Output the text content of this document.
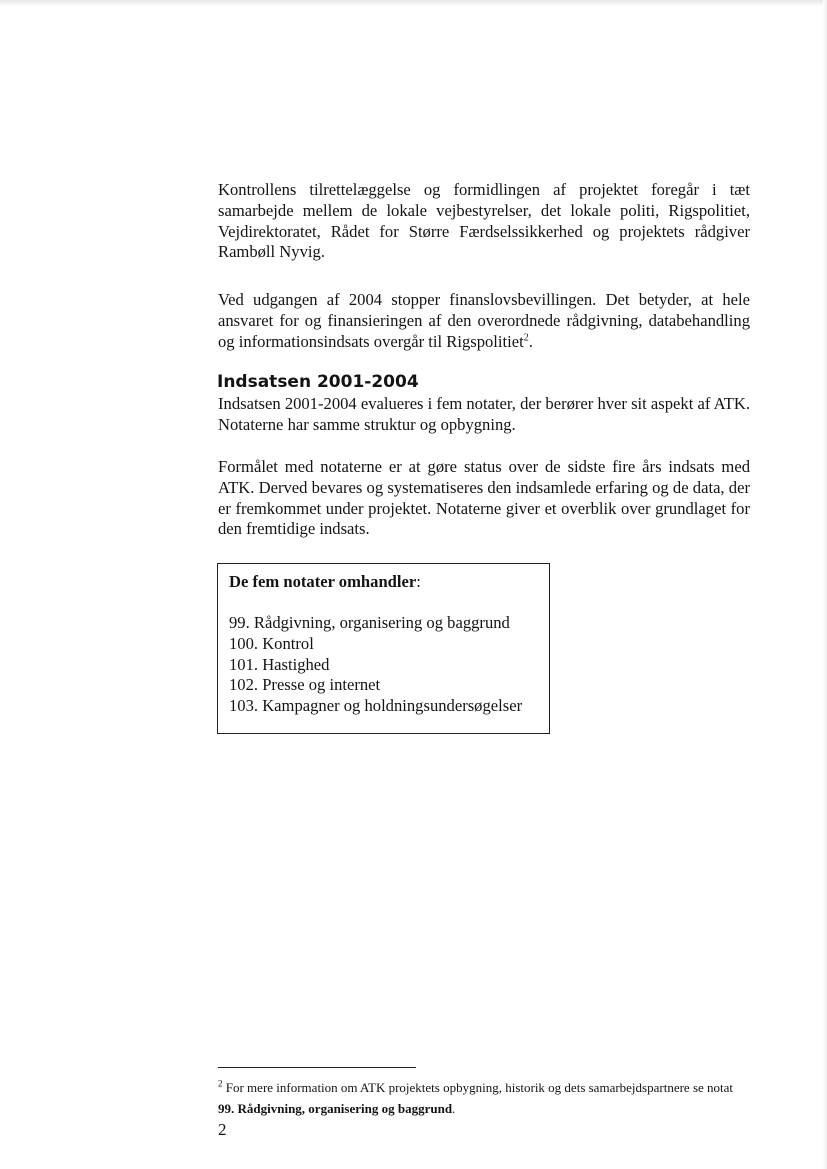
Kontrollens tilrettelæggelse og formidlingen af projektet foregår i tæt samarbejde mellem de lokale vejbestyrelser, det lokale politi, Rigspolitiet, Vejdirektoratet, Rådet for Større Færdselssikkerhed og projektets rådgiver Rambøll Nyvig.

Ved udgangen af 2004 stopper finanslovsbevillingen. Det betyder, at hele ansvaret for og finansieringen af den overordnede rådgivning, databehandling og informationsindsats overgår til Rigspolitiet$^2$.

Indsatsen 2001-2004

Indsatsen 2001-2004 evalueres i fem notater, der berører hver sit aspekt af ATK. Notaterne har samme struktur og opbygning.

Formålet med notaterne er at gøre status over de sidste fire års indsats med ATK. Derved bevares og systematiseres den indsamlede erfaring og de data, der er fremkommet under projektet. Notaterne giver et overblik over grundlaget for den fremtidige indsats.

De fem notater omhandler:
99. Rådgivning, organisering og baggrund
100. Kontrol
101. Hastighed
102. Presse og internet
103. Kampagner og holdningsundersøgelser

$^2$ For mere information om ATK projektets opbygning, historik og dets samarbejdspartnere se notat 99. Rådgivning, organisering og baggrund.

2
